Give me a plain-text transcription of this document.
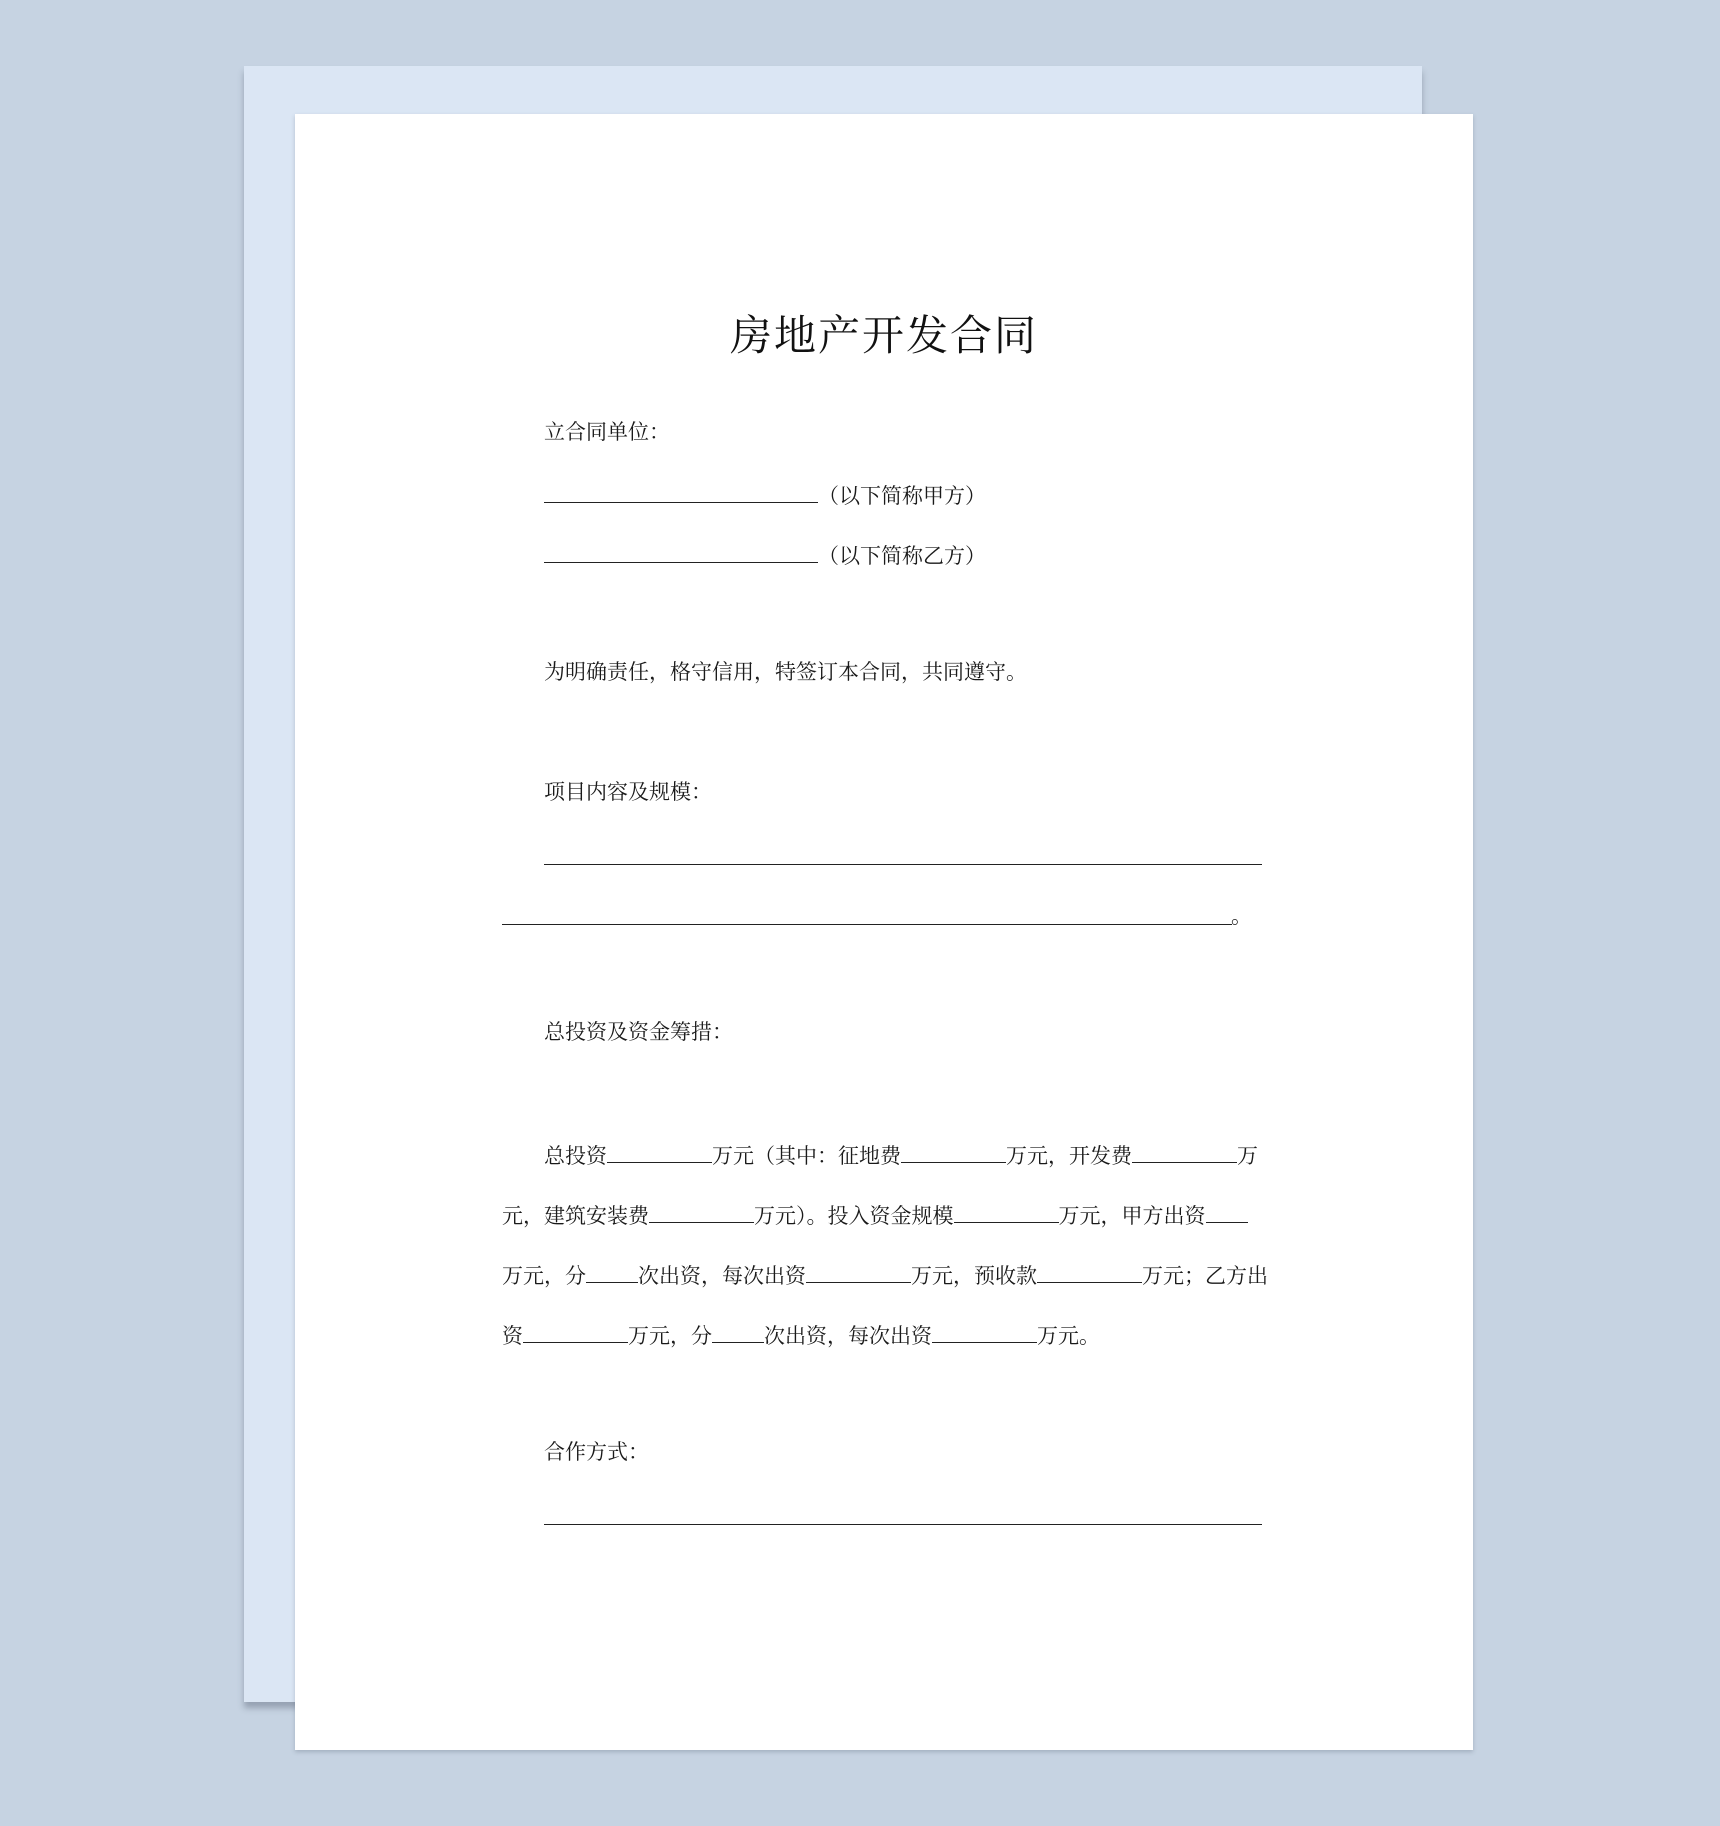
房地产开发合同
立合同单位：
（以下简称甲方）
（以下简称乙方）
为明确责任，格守信用，特签订本合同，共同遵守。
项目内容及规模：
。
总投资及资金筹措：
总投资	万元（其中：征地费	万元，开发费	万
元，建筑安装费	万元）。投入资金规模	万元，甲方出资
万元，分 次出资，每次出资	万元，预收款	万元；乙方出
资	万元，分 次出资，每次出资	万元。
合作方式：
